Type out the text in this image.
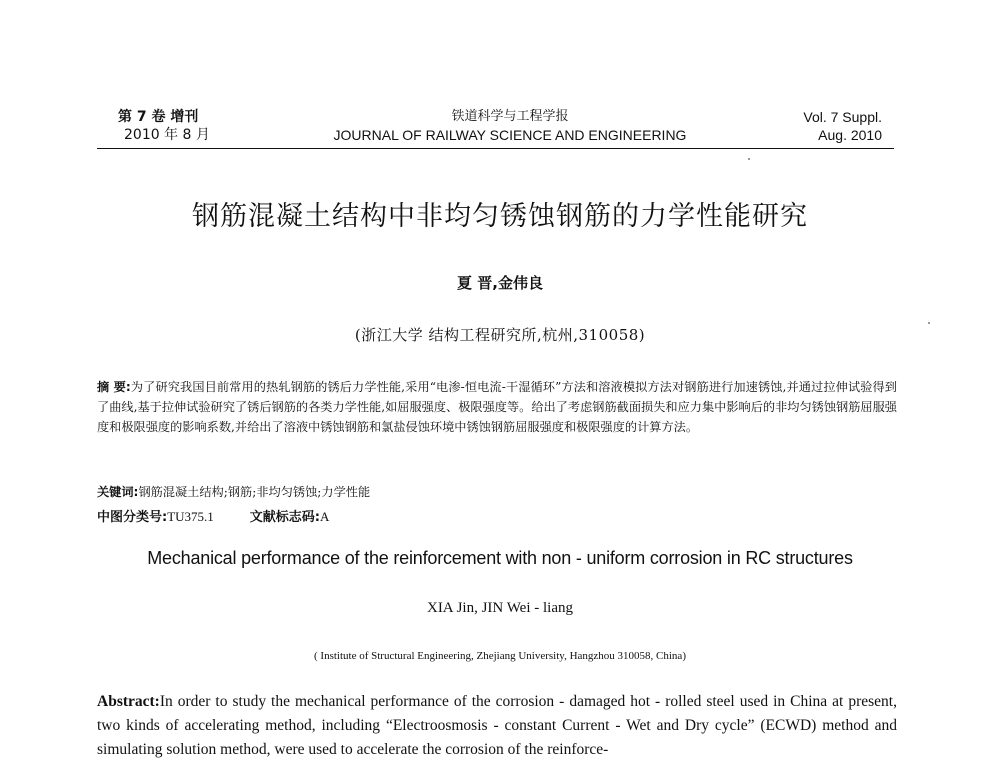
第 7 卷 增刊
2010 年 8 月
铁道科学与工程学报
JOURNAL OF RAILWAY SCIENCE AND ENGINEERING
Vol. 7 Suppl.
Aug. 2010
钢筋混凝土结构中非均匀锈蚀钢筋的力学性能研究
夏 晋,金伟良
(浙江大学 结构工程研究所,杭州,310058)
摘 要:为了研究我国目前常用的热轧钢筋的锈后力学性能,采用“电渗-恒电流-干湿循环”方法和溶液模拟方法对钢筋进行加速锈蚀,并通过拉伸试验得到了曲线,基于拉伸试验研究了锈后钢筋的各类力学性能,如屈服强度、极限强度等。给出了考虑钢筋截面损失和应力集中影响后的非均匀锈蚀钢筋屈服强度和极限强度的影响系数,并给出了溶液中锈蚀钢筋和氯盐侵蚀环境中锈蚀钢筋屈服强度和极限强度的计算方法。
关键词:钢筋混凝土结构;钢筋;非均匀锈蚀;力学性能
中图分类号:TU375.1	文献标志码:A
Mechanical performance of the reinforcement with non - uniform corrosion in RC structures
XIA Jin, JIN Wei - liang
( Institute of Structural Engineering, Zhejiang University, Hangzhou 310058, China)
Abstract:In order to study the mechanical performance of the corrosion - damaged hot - rolled steel used in China at present, two kinds of accelerating method, including “Electroosmosis - constant Current - Wet and Dry cycle” (ECWD) method and simulating solution method, were used to accelerate the corrosion of the reinforce-
